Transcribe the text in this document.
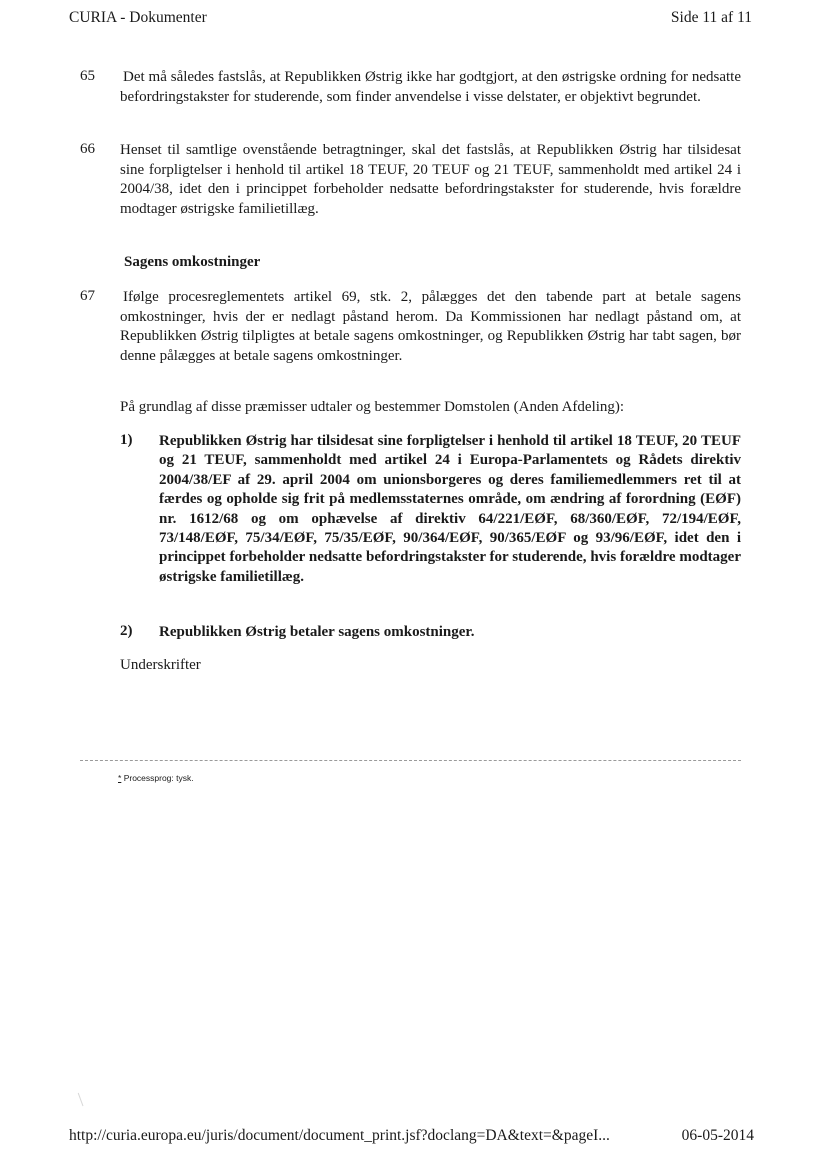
CURIA - Dokumenter	Side 11 af 11
65 Det må således fastslås, at Republikken Østrig ikke har godtgjort, at den østrigske ordning for nedsatte befordringstakster for studerende, som finder anvendelse i visse delstater, er objektivt begrundet.
66 Henset til samtlige ovenstående betragtninger, skal det fastslås, at Republikken Østrig har tilsidesat sine forpligtelser i henhold til artikel 18 TEUF, 20 TEUF og 21 TEUF, sammenholdt med artikel 24 i 2004/38, idet den i princippet forbeholder nedsatte befordringstakster for studerende, hvis forældre modtager østrigske familietillæg.
Sagens omkostninger
67 Ifølge procesreglementets artikel 69, stk. 2, pålægges det den tabende part at betale sagens omkostninger, hvis der er nedlagt påstand herom. Da Kommissionen har nedlagt påstand om, at Republikken Østrig tilpligtes at betale sagens omkostninger, og Republikken Østrig har tabt sagen, bør denne pålægges at betale sagens omkostninger.
På grundlag af disse præmisser udtaler og bestemmer Domstolen (Anden Afdeling):
1) Republikken Østrig har tilsidesat sine forpligtelser i henhold til artikel 18 TEUF, 20 TEUF og 21 TEUF, sammenholdt med artikel 24 i Europa-Parlamentets og Rådets direktiv 2004/38/EF af 29. april 2004 om unionsborgeres og deres familiemedlemmers ret til at færdes og opholde sig frit på medlemsstaternes område, om ændring af forordning (EØF) nr. 1612/68 og om ophævelse af direktiv 64/221/EØF, 68/360/EØF, 72/194/EØF, 73/148/EØF, 75/34/EØF, 75/35/EØF, 90/364/EØF, 90/365/EØF og 93/96/EØF, idet den i princippet forbeholder nedsatte befordringstakster for studerende, hvis forældre modtager østrigske familietillæg.
2) Republikken Østrig betaler sagens omkostninger.
Underskrifter
* Processprog: tysk.
http://curia.europa.eu/juris/document/document_print.jsf?doclang=DA&text=&pageI...	06-05-2014
